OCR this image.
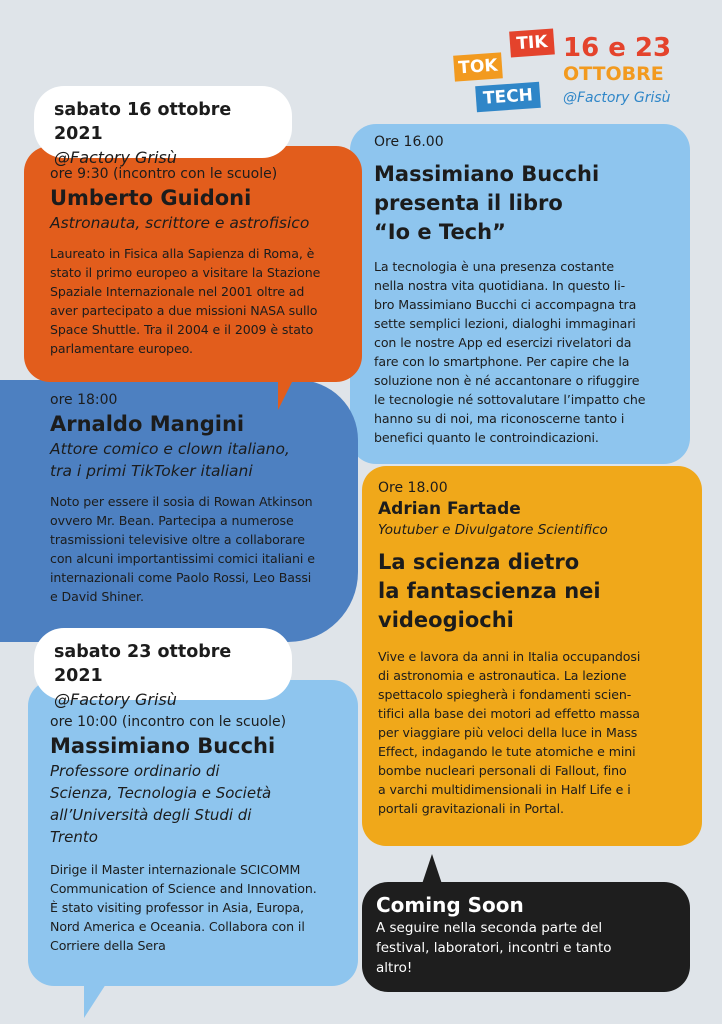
TIK
TOK
TECH
16 e 23
OTTOBRE
@Factory Grisù
Ore 16.00
Massimiano Bucchi
presenta il libro
“Io e Tech”
La tecnologia è una presenza costante
nella nostra vita quotidiana. In questo li-
bro Massimiano Bucchi ci accompagna tra
sette semplici lezioni, dialoghi immaginari
con le nostre App ed esercizi rivelatori da
fare con lo smartphone. Per capire che la
soluzione non è né accantonare o rifuggire
le tecnologie né sottovalutare l’impatto che
hanno su di noi, ma riconoscerne tanto i
benefici quanto le controindicazioni.
Ore 18.00
Adrian Fartade
Youtuber e Divulgatore Scientifico
La scienza dietro
la fantascienza nei
videogiochi
Vive e lavora da anni in Italia occupandosi
di astronomia e astronautica. La lezione
spettacolo spiegherà i fondamenti scien-
tifici alla base dei motori ad effetto massa
per viaggiare più veloci della luce in Mass
Effect, indagando le tute atomiche e mini
bombe nucleari personali di Fallout, fino
a varchi multidimensionali in Half Life e i
portali gravitazionali in Portal.
Coming Soon
A seguire nella seconda parte del
festival, laboratori, incontri e tanto
altro!
ore 18:00
Arnaldo Mangini
Attore comico e clown italiano,
tra i primi TikToker italiani
Noto per essere il sosia di Rowan Atkinson
ovvero Mr. Bean. Partecipa a numerose
trasmissioni televisive oltre a collaborare
con alcuni importantissimi comici italiani e
internazionali come Paolo Rossi, Leo Bassi
e David Shiner.
ore 9:30 (incontro con le scuole)
Umberto Guidoni
Astronauta, scrittore e astrofisico
Laureato in Fisica alla Sapienza di Roma, è
stato il primo europeo a visitare la Stazione
Spaziale Internazionale nel 2001 oltre ad
aver partecipato a due missioni NASA sullo
Space Shuttle. Tra il 2004 e il 2009 è stato
parlamentare europeo.
sabato 16 ottobre 2021
@Factory Grisù
ore 10:00 (incontro con le scuole)
Massimiano Bucchi
Professore ordinario di
Scienza, Tecnologia e Società
all’Università degli Studi di
Trento
Dirige il Master internazionale SCICOMM
Communication of Science and Innovation.
È stato visiting professor in Asia, Europa,
Nord America e Oceania. Collabora con il
Corriere della Sera
sabato 23 ottobre 2021
@Factory Grisù
